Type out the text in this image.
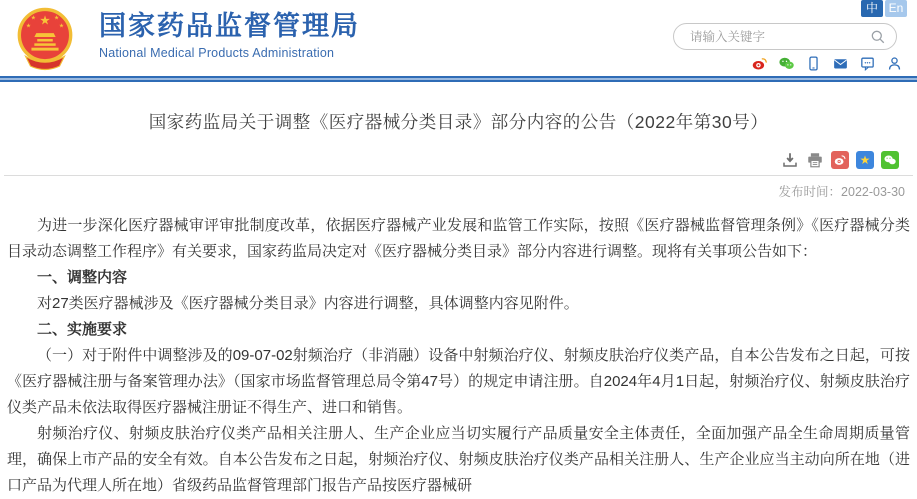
★
★	★
★	★ 国家药品监督管理局
National Medical Products Administration
中 En
请输入关键字
国家药监局关于调整《医疗器械分类目录》部分内容的公告（2022年第30号）
★
发布时间：2022-03-30

为进一步深化医疗器械审评审批制度改革，依据医疗器械产业发展和监管工作实际，按照《医疗器械监督管理条例》《医疗器械分类目录动态调整工作程序》有关要求，国家药监局决定对《医疗器械分类目录》部分内容进行调整。现将有关事项公告如下：

一、调整内容

对27类医疗器械涉及《医疗器械分类目录》内容进行调整，具体调整内容见附件。

二、实施要求

（一）对于附件中调整涉及的09-07-02射频治疗（非消融）设备中射频治疗仪、射频皮肤治疗仪类产品，自本公告发布之日起，可按《医疗器械注册与备案管理办法》（国家市场监督管理总局令第47号）的规定申请注册。自2024年4月1日起，射频治疗仪、射频皮肤治疗仪类产品未依法取得医疗器械注册证不得生产、进口和销售。

射频治疗仪、射频皮肤治疗仪类产品相关注册人、生产企业应当切实履行产品质量安全主体责任，全面加强产品全生命周期质量管理，确保上市产品的安全有效。自本公告发布之日起，射频治疗仪、射频皮肤治疗仪类产品相关注册人、生产企业应当主动向所在地（进口产品为代理人所在地）省级药品监督管理部门报告产品按医疗器械研
